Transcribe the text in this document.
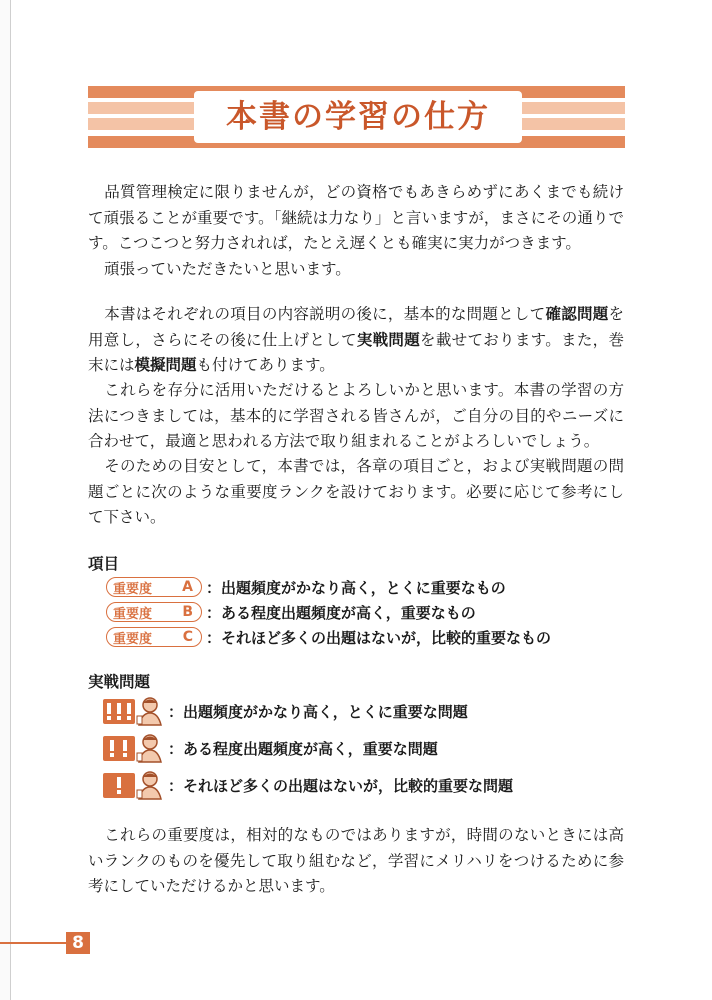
本書の学習の仕方

品質管理検定に限りませんが，どの資格でもあきらめずにあくまでも続けて頑張ることが重要です。「継続は力なり」と言いますが，まさにその通りです。こつこつと努力されれば，たとえ遅くとも確実に実力がつきます。

頑張っていただきたいと思います。

本書はそれぞれの項目の内容説明の後に，基本的な問題として確認問題を用意し，さらにその後に仕上げとして実戦問題を載せております。また，巻末には模擬問題も付けてあります。

これらを存分に活用いただけるとよろしいかと思います。本書の学習の方法につきましては，基本的に学習される皆さんが，ご自分の目的やニーズに合わせて，最適と思われる方法で取り組まれることがよろしいでしょう。

そのための目安として，本書では，各章の項目ごと，および実戦問題の問題ごとに次のような重要度ランクを設けております。必要に応じて参考にして下さい。

項目
重要度 A ：出題頻度がかなり高く，とくに重要なもの
重要度 B ：ある程度出題頻度が高く，重要なもの
重要度 C ：それほど多くの出題はないが，比較的重要なもの
実戦問題
：出題頻度がかなり高く，とくに重要な問題
：ある程度出題頻度が高く，重要な問題
：それほど多くの出題はないが，比較的重要な問題

これらの重要度は，相対的なものではありますが，時間のないときには高いランクのものを優先して取り組むなど，学習にメリハリをつけるために参考にしていただけるかと思います。

8
